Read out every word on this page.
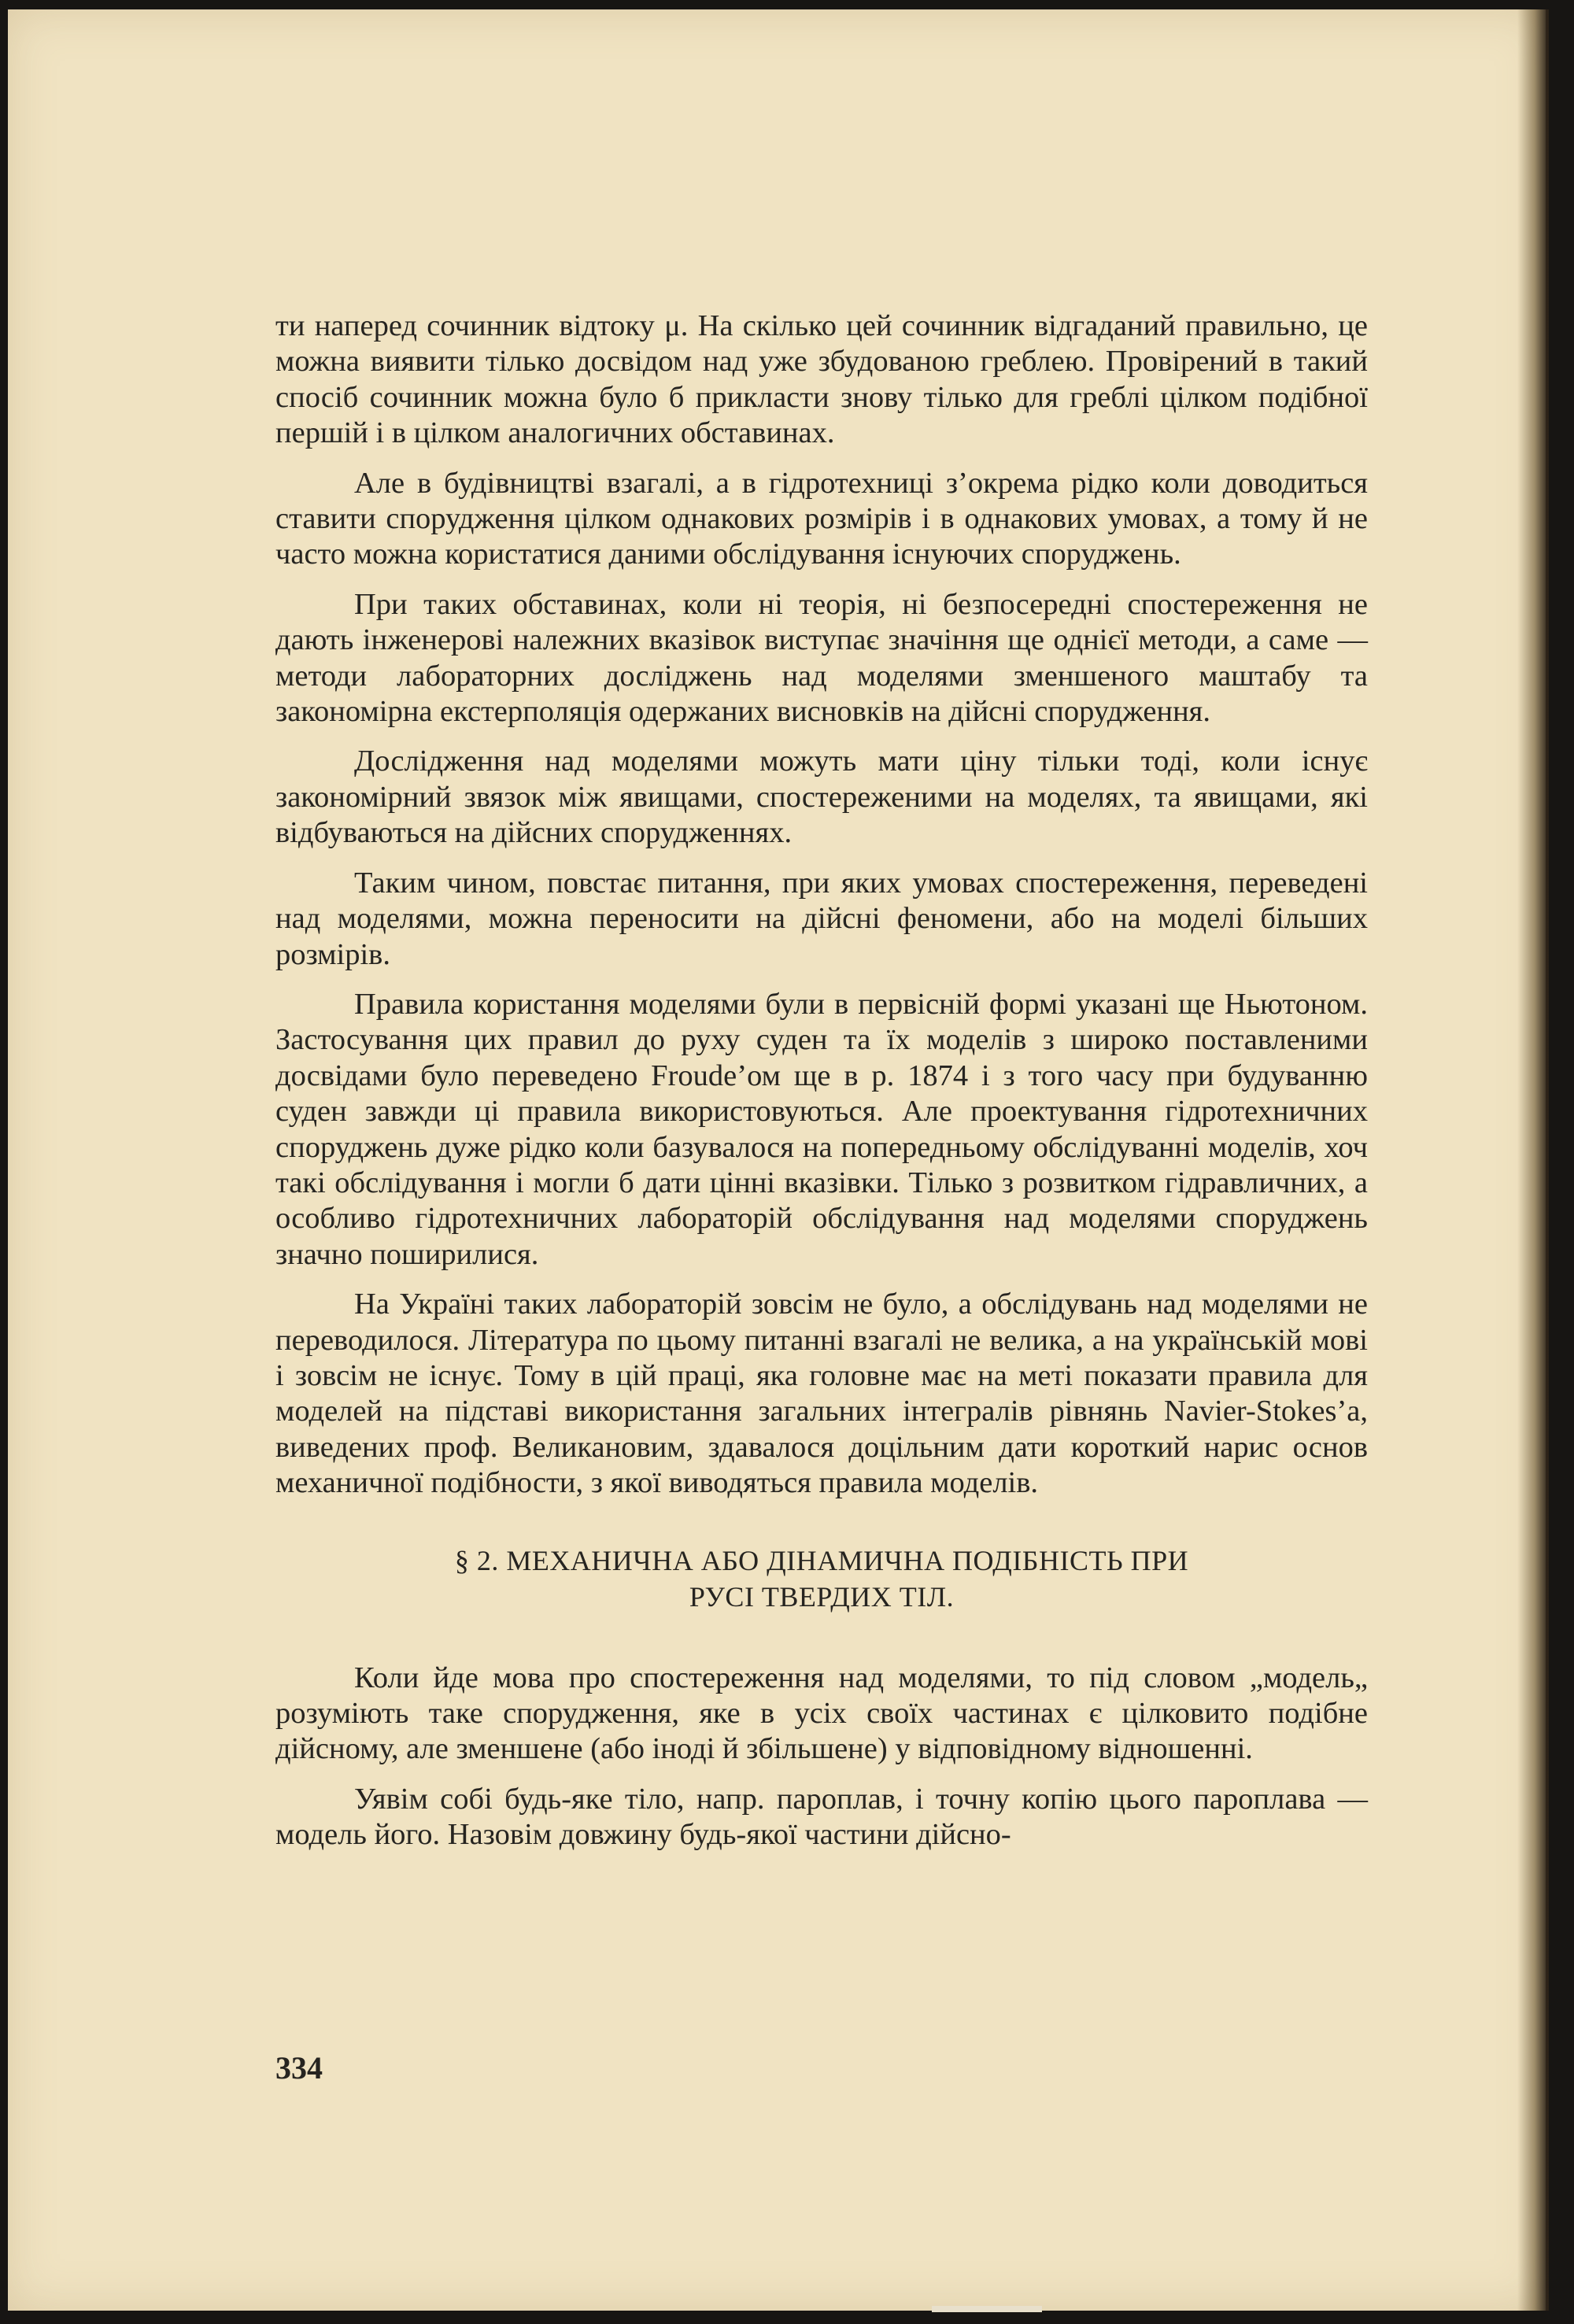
ти наперед сочинник відтоку μ. На скілько цей сочинник відгаданий правильно, це можна виявити тілько досвідом над уже збудованою греблею. Провірений в такий спосіб сочинник можна було б прикласти знову тілько для греблі цілком подібної першій і в цілком аналогичних обставинах.

Але в будівництві взагалі, а в гідротехниці з’окрема рідко коли доводиться ставити спорудження цілком однакових розмірів і в однакових умовах, а тому й не часто можна користатися даними обслідування існуючих споруджень.

При таких обставинах, коли ні теорія, ні безпосередні спостереження не дають інженерові належних вказівок виступає значіння ще однієї методи, а саме — методи лабораторних досліджень над моделями зменшеного маштабу та закономірна екстерполяція одержаних висновків на дійсні спорудження.

Дослідження над моделями можуть мати ціну тільки тоді, коли існує закономірний звязок між явищами, спостереженими на моделях, та явищами, які відбуваються на дійсних спорудженнях.

Таким чином, повстає питання, при яких умовах спостереження, переведені над моделями, можна переносити на дійсні феномени, або на моделі більших розмірів.

Правила користання моделями були в первісній формі указані ще Ньютоном. Застосування цих правил до руху суден та їх моделів з широко поставленими досвідами було переведено Froude’ом ще в р. 1874 і з того часу при будуванню суден завжди ці правила використовуються. Але проектування гідротехничних споруджень дуже рідко коли базувалося на попередньому обслідуванні моделів, хоч такі обслідування і могли б дати цінні вказівки. Тілько з розвитком гідравличних, а особливо гідротехничних лабораторій обслідування над моделями споруджень значно поширилися.

На Україні таких лабораторій зовсім не було, а обслідувань над моделями не переводилося. Література по цьому питанні взагалі не велика, а на українській мові і зовсім не існує. Тому в цій праці, яка головне має на меті показати правила для моделей на підставі використання загальних інтегралів рівнянь Navier-Stokes’а, виведених проф. Великановим, здавалося доцільним дати короткий нарис основ механичної подібности, з якої виводяться правила моделів.

§ 2. МЕХАНИЧНА АБО ДІНАМИЧНА ПОДІБНІСТЬ ПРИ
РУСІ ТВЕРДИХ ТІЛ.

Коли йде мова про спостереження над моделями, то під словом „модель„ розуміють таке спорудження, яке в усіх своїх частинах є цілковито подібне дійсному, але зменшене (або іноді й збільшене) у відповідному відношенні.

Уявім собі будь-яке тіло, напр. пароплав, і точну копію цього пароплава — модель його. Назовім довжину будь-якої частини дійсно-

334
